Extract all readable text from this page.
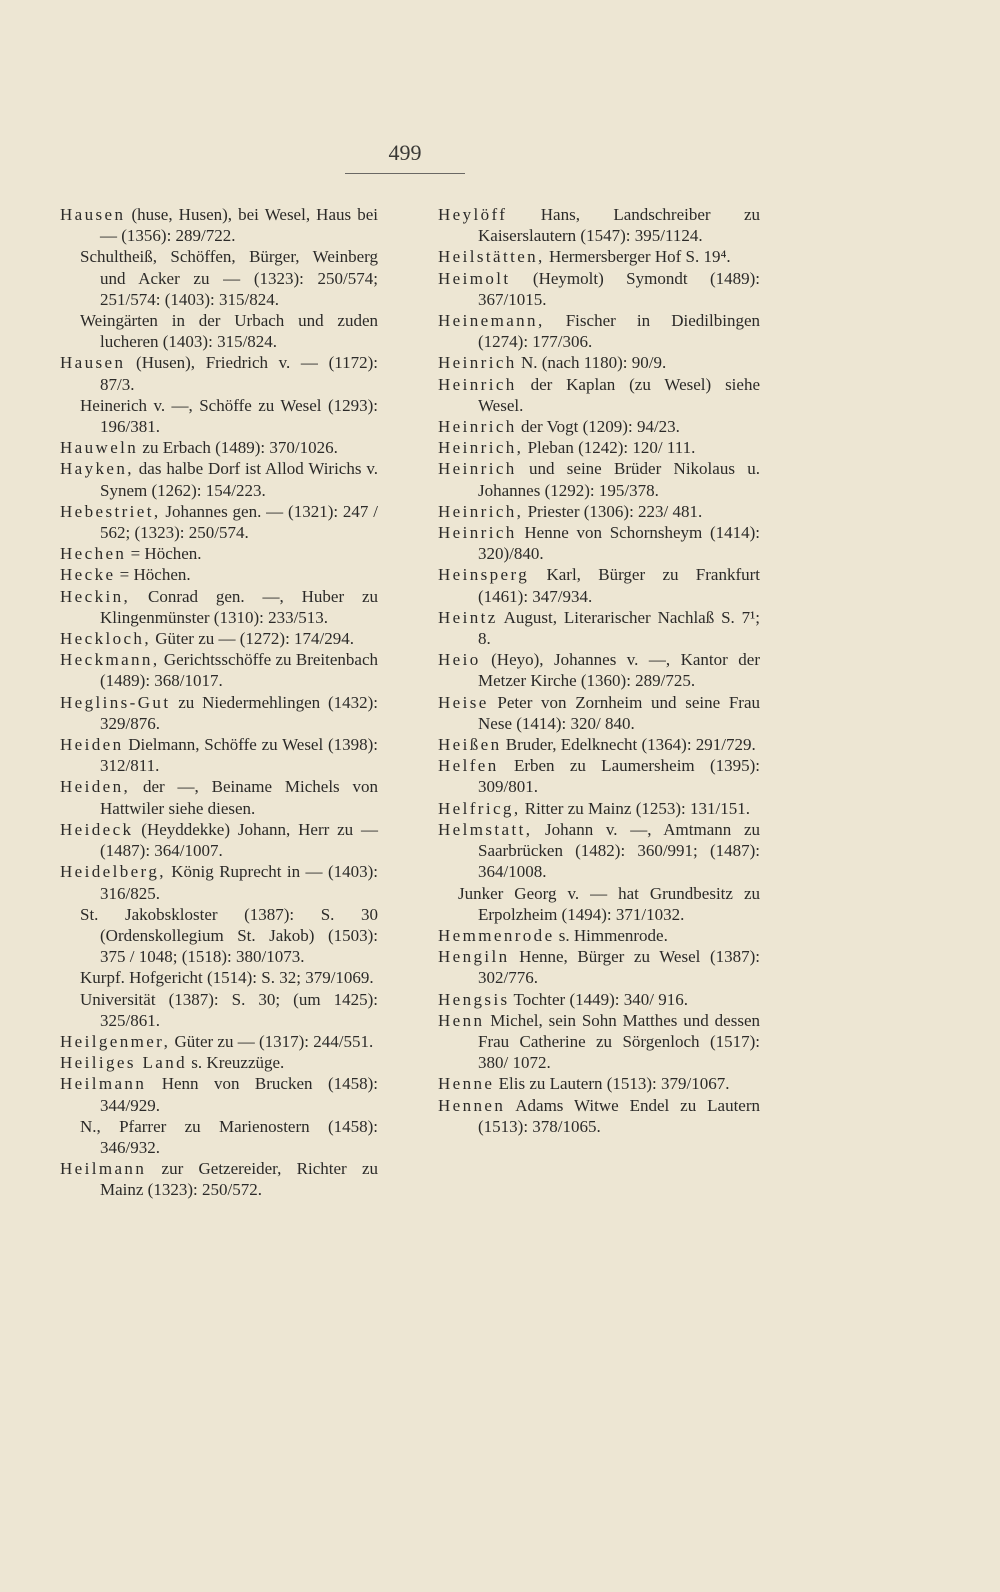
499

Hausen (huse, Husen), bei Wesel, Haus bei — (1356): 289/722.

Schultheiß, Schöffen, Bürger, Weinberg und Acker zu — (1323): 250/574; 251/574: (1403): 315/824.

Weingärten in der Urbach und zuden lucheren (1403): 315/824.

Hausen (Husen), Friedrich v. — (1172): 87/3.

Heinerich v. —, Schöffe zu Wesel (1293): 196/381.

Hauweln zu Erbach (1489): 370/1026.

Hayken, das halbe Dorf ist Allod Wirichs v. Synem (1262): 154/223.

Hebestriet, Johannes gen. — (1321): 247 / 562; (1323): 250/574.

Hechen = Höchen.

Hecke = Höchen.

Heckin, Conrad gen. —, Huber zu Klingenmünster (1310): 233/513.

Heckloch, Güter zu — (1272): 174/294.

Heckmann, Gerichtsschöffe zu Breitenbach (1489): 368/1017.

Heglins-Gut zu Niedermehlingen (1432): 329/876.

Heiden Dielmann, Schöffe zu Wesel (1398): 312/811.

Heiden, der —, Beiname Michels von Hattwiler siehe diesen.

Heideck (Heyddekke) Johann, Herr zu — (1487): 364/1007.

Heidelberg, König Ruprecht in — (1403): 316/825.

St. Jakobskloster (1387): S. 30 (Ordenskollegium St. Jakob) (1503): 375 / 1048; (1518): 380/1073.

Kurpf. Hofgericht (1514): S. 32; 379/1069.

Universität (1387): S. 30; (um 1425): 325/861.

Heilgenmer, Güter zu — (1317): 244/551.

Heiliges Land s. Kreuzzüge.

Heilmann Henn von Brucken (1458): 344/929.

N., Pfarrer zu Marienostern (1458): 346/932.

Heilmann zur Getzereider, Richter zu Mainz (1323): 250/572.

Heylöff Hans, Landschreiber zu Kaiserslautern (1547): 395/1124.

Heilstätten, Hermersberger Hof S. 19⁴.

Heimolt (Heymolt) Symondt (1489): 367/1015.

Heinemann, Fischer in Diedilbingen (1274): 177/306.

Heinrich N. (nach 1180): 90/9.

Heinrich der Kaplan (zu Wesel) siehe Wesel.

Heinrich der Vogt (1209): 94/23.

Heinrich, Pleban (1242): 120/ 111.

Heinrich und seine Brüder Nikolaus u. Johannes (1292): 195/378.

Heinrich, Priester (1306): 223/ 481.

Heinrich Henne von Schornsheym (1414): 320)/840.

Heinsperg Karl, Bürger zu Frankfurt (1461): 347/934.

Heintz August, Literarischer Nachlaß S. 7¹; 8.

Heio (Heyo), Johannes v. —, Kantor der Metzer Kirche (1360): 289/725.

Heise Peter von Zornheim und seine Frau Nese (1414): 320/ 840.

Heißen Bruder, Edelknecht (1364): 291/729.

Helfen Erben zu Laumersheim (1395): 309/801.

Helfricg, Ritter zu Mainz (1253): 131/151.

Helmstatt, Johann v. —, Amtmann zu Saarbrücken (1482): 360/991; (1487): 364/1008.

Junker Georg v. — hat Grundbesitz zu Erpolzheim (1494): 371/1032.

Hemmenrode s. Himmenrode.

Hengiln Henne, Bürger zu Wesel (1387): 302/776.

Hengsis Tochter (1449): 340/ 916.

Henn Michel, sein Sohn Matthes und dessen Frau Catherine zu Sörgenloch (1517): 380/ 1072.

Henne Elis zu Lautern (1513): 379/1067.

Hennen Adams Witwe Endel zu Lautern (1513): 378/1065.
